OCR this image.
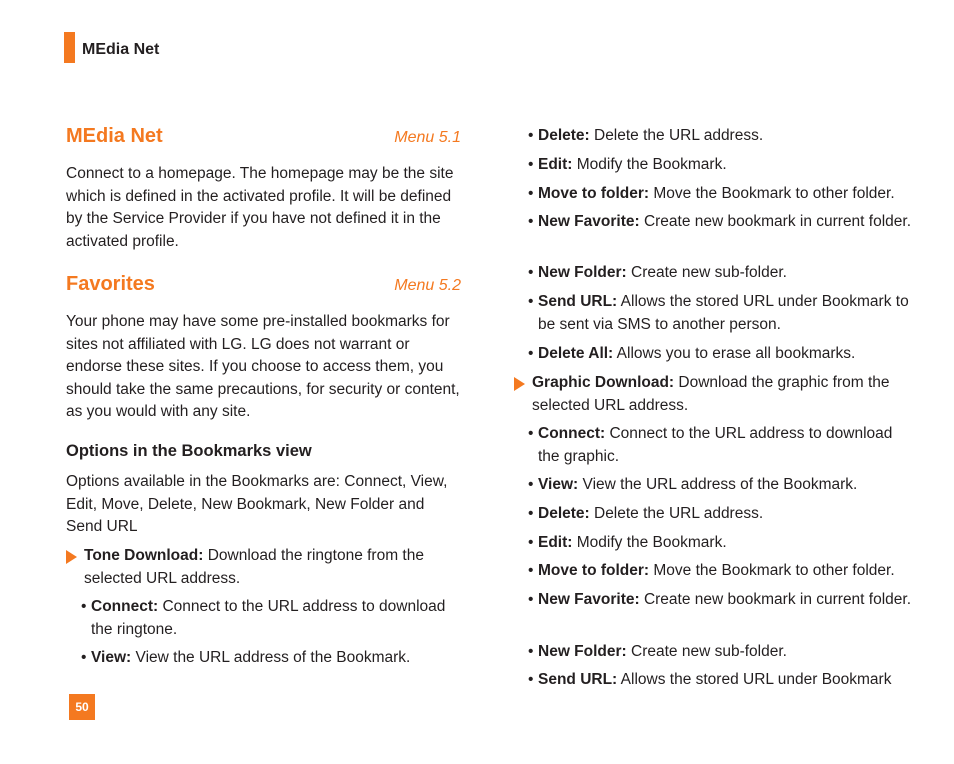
MEdia Net
MEdia Net	Menu 5.1
Connect to a homepage. The homepage may be the site which is defined in the activated profile. It will be defined by the Service Provider if you have not defined it in the activated profile.
Favorites	Menu 5.2
Your phone may have some pre-installed bookmarks for sites not affiliated with LG. LG does not warrant or endorse these sites. If you choose to access them, you should take the same precautions, for security or content, as you would with any site.
Options in the Bookmarks view
Options available in the Bookmarks are: Connect, View, Edit, Move, Delete, New Bookmark, New Folder and Send URL
Tone Download: Download the ringtone from the selected URL address.
• Connect: Connect to the URL address to download the ringtone.
• View: View the URL address of the Bookmark.
• Delete: Delete the URL address.
• Edit: Modify the Bookmark.
• Move to folder: Move the Bookmark to other folder.
• New Favorite: Create new bookmark in current folder.
• New Folder: Create new sub-folder.
• Send URL: Allows the stored URL under Bookmark to be sent via SMS to another person.
• Delete All: Allows you to erase all bookmarks.
Graphic Download: Download the graphic from the selected URL address.
• Connect: Connect to the URL address to download the graphic.
• View: View the URL address of the Bookmark.
• Delete: Delete the URL address.
• Edit: Modify the Bookmark.
• Move to folder: Move the Bookmark to other folder.
• New Favorite: Create new bookmark in current folder.
• New Folder: Create new sub-folder.
• Send URL: Allows the stored URL under Bookmark
50
